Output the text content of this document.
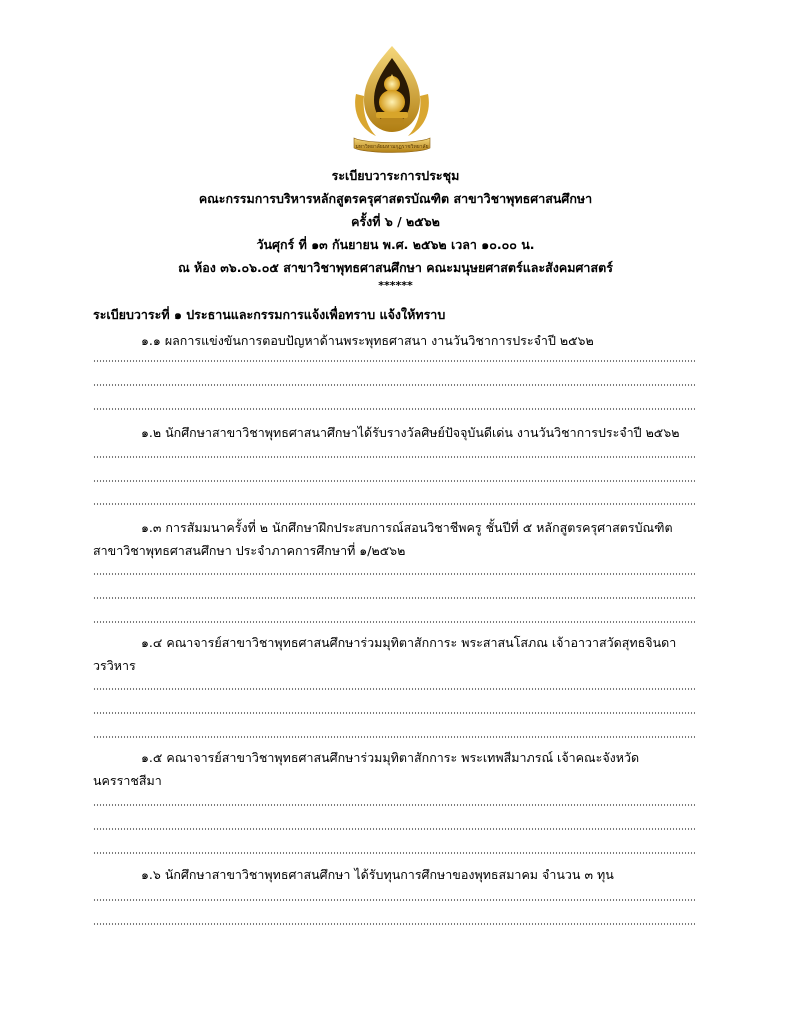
มหาวิทยาลัยมหามกุฏราชวิทยาลัย
ระเบียบวาระการประชุม
คณะกรรมการบริหารหลักสูตรครุศาสตรบัณฑิต สาขาวิชาพุทธศาสนศึกษา
ครั้งที่ ๖ / ๒๕๖๒
วันศุกร์ ที่ ๑๓ กันยายน พ.ศ. ๒๕๖๒ เวลา ๑๐.๐๐ น.
ณ ห้อง ๓๖.๐๖.๐๕ สาขาวิชาพุทธศาสนศึกษา คณะมนุษยศาสตร์และสังคมศาสตร์
******
ระเบียบวาระที่ ๑ ประธานและกรรมการแจ้งเพื่อทราบ แจ้งให้ทราบ
๑.๑ ผลการแข่งขันการตอบปัญหาด้านพระพุทธศาสนา งานวันวิชาการประจำปี ๒๕๖๒
๑.๒ นักศึกษาสาขาวิชาพุทธศาสนาศึกษาได้รับรางวัลศิษย์ปัจจุบันดีเด่น งานวันวิชาการประจำปี ๒๕๖๒
๑.๓ การสัมมนาครั้งที่ ๒ นักศึกษาฝึกประสบการณ์สอนวิชาชีพครู ชั้นปีที่ ๕ หลักสูตรครุศาสตรบัณฑิต
สาขาวิชาพุทธศาสนศึกษา ประจำภาคการศึกษาที่ ๑/๒๕๖๒
๑.๔ คณาจารย์สาขาวิชาพุทธศาสนศึกษาร่วมมุทิตาสักการะ พระสาสนโสภณ เจ้าอาวาสวัดสุทธจินดา
วรวิหาร
๑.๕ คณาจารย์สาขาวิชาพุทธศาสนศึกษาร่วมมุทิตาสักการะ พระเทพสีมาภรณ์ เจ้าคณะจังหวัด
นครราชสีมา
๑.๖ นักศึกษาสาขาวิชาพุทธศาสนศึกษา ได้รับทุนการศึกษาของพุทธสมาคม จำนวน ๓ ทุน
